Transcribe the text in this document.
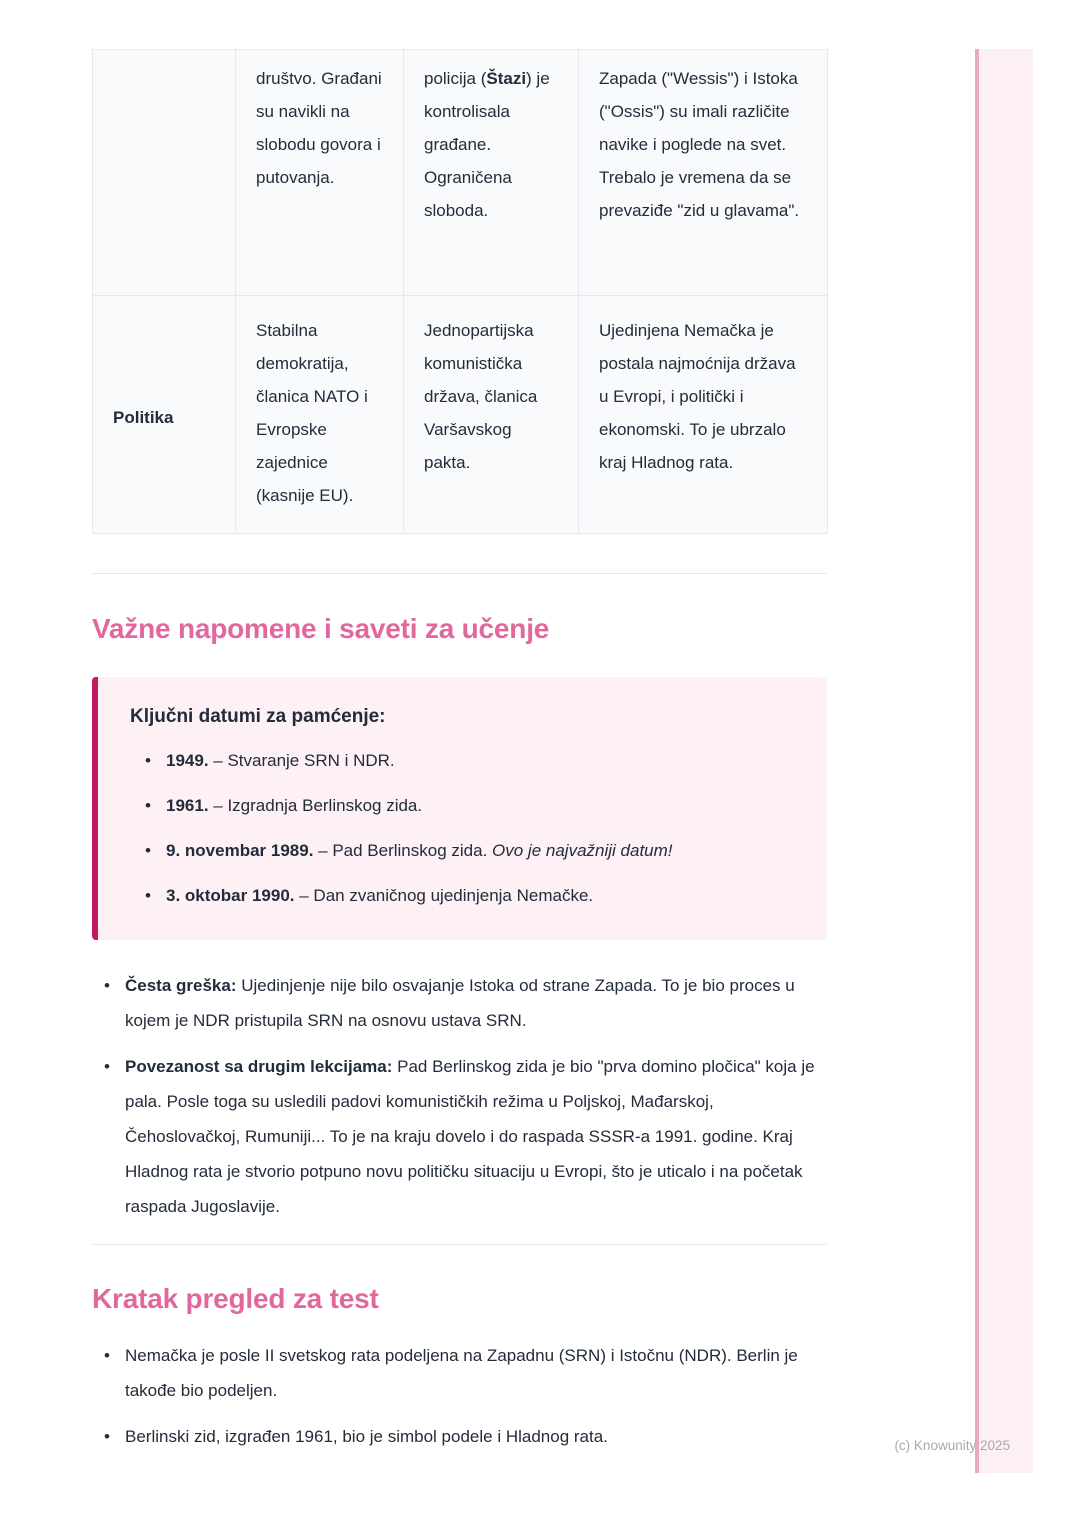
	društvo. Građani su navikli na slobodu govora i putovanja.	policija (Štazi) je kontrolisala građane. Ograničena sloboda.	Zapada ("Wessis") i Istoka ("Ossis") su imali različite navike i poglede na svet. Trebalo je vremena da se prevaziđe "zid u glavama".
Politika	Stabilna demokratija, članica NATO i Evropske zajednice (kasnije EU).	Jednopartijska komunistička država, članica Varšavskog pakta.	Ujedinjena Nemačka je postala najmoćnija država u Evropi, i politički i ekonomski. To je ubrzalo kraj Hladnog rata.
Važne napomene i saveti za učenje
Ključni datumi za pamćenje:
• 1949. – Stvaranje SRN i NDR.

• 1961. – Izgradnja Berlinskog zida.

• 9. novembar 1989. – Pad Berlinskog zida. Ovo je najvažniji datum!

• 3. oktobar 1990. – Dan zvaničnog ujedinjenja Nemačke.

• Česta greška: Ujedinjenje nije bilo osvajanje Istoka od strane Zapada. To je bio proces u kojem je NDR pristupila SRN na osnovu ustava SRN.

• Povezanost sa drugim lekcijama: Pad Berlinskog zida je bio "prva domino pločica" koja je pala. Posle toga su usledili padovi komunističkih režima u Poljskoj, Mađarskoj, Čehoslovačkoj, Rumuniji... To je na kraju dovelo i do raspada SSSR-a 1991. godine. Kraj Hladnog rata je stvorio potpuno novu političku situaciju u Evropi, što je uticalo i na početak raspada Jugoslavije.

Kratak pregled za test
• Nemačka je posle II svetskog rata podeljena na Zapadnu (SRN) i Istočnu (NDR). Berlin je takođe bio podeljen.

• Berlinski zid, izgrađen 1961, bio je simbol podele i Hladnog rata.	(c) Knowunity 2025
